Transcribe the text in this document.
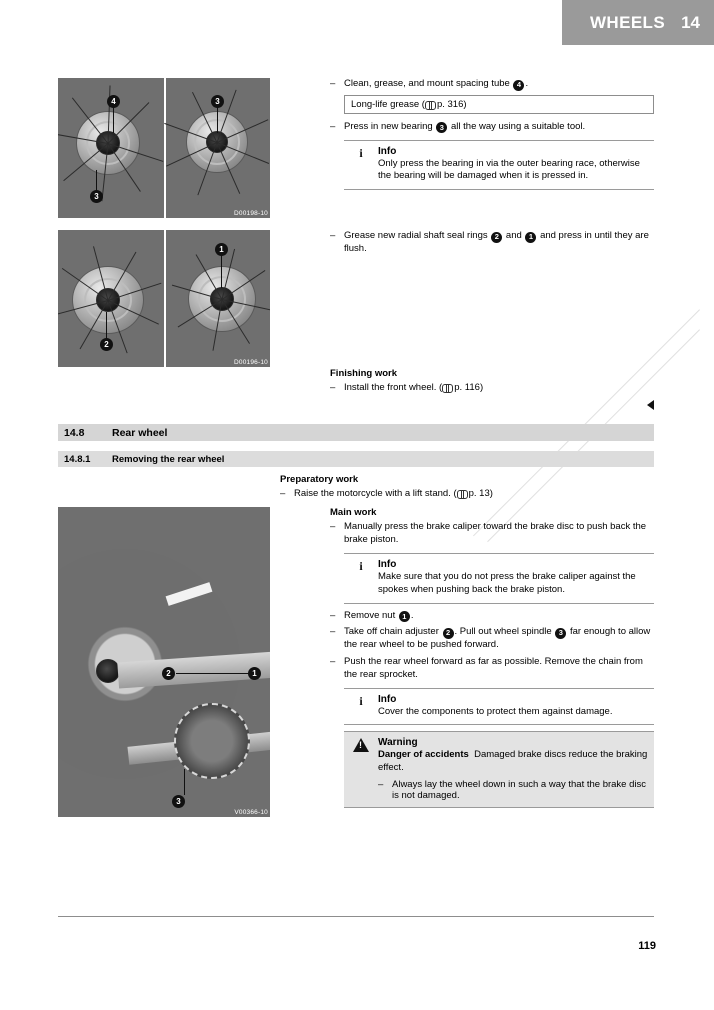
WHEELS 14
4	3
3
D00198-10
– Clean, grease, and mount spacing tube 4 .
Long-life grease ( p. 316)
– Press in new bearing 3 all the way using a suitable tool.
i	Info
Only press the bearing in via the outer bearing race, otherwise the bearing will be damaged when it is pressed in.
1
2
D00196-10
– Grease new radial shaft seal rings 2 and 1 and press in until they are flush.
Finishing work
– Install the front wheel. ( p. 116)
14.8	Rear wheel
14.8.1	Removing the rear wheel
Preparatory work
– Raise the motorcycle with a lift stand. ( p. 13)
2	1
3
V00366-10
Main work
– Manually press the brake caliper toward the brake disc to push back the brake piston.
i	Info
Make sure that you do not press the brake caliper against the spokes when pushing back the brake piston.
– Remove nut 1 .
– Take off chain adjuster 2 . Pull out wheel spindle 3 far enough to allow the rear wheel to be pushed forward.
– Push the rear wheel forward as far as possible. Remove the chain from the rear sprocket.
i	Info
Cover the components to protect them against damage.
! Warning
Danger of accidents Damaged brake discs reduce the braking effect.
– Always lay the wheel down in such a way that the brake disc is not damaged.
119
